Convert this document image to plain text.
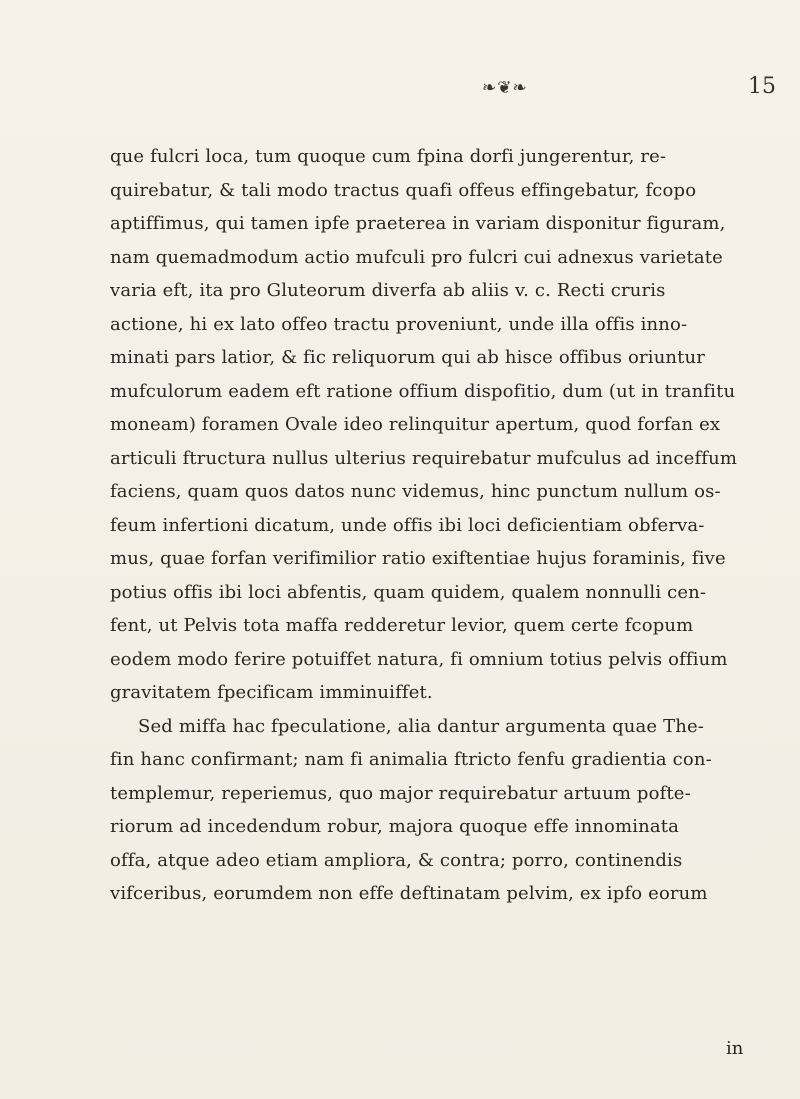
❧❦❧	15
que fulcri loca, tum quoque cum fpina dorfi jungerentur, re-
quirebatur, & tali modo tractus quafi offeus effingebatur, fcopo
aptiffimus, qui tamen ipfe praeterea in variam disponitur figuram,
nam quemadmodum actio mufculi pro fulcri cui adnexus varietate
varia eft, ita pro Gluteorum diverfa ab aliis v. c. Recti cruris
actione, hi ex lato offeo tractu proveniunt, unde illa offis inno-
minati pars latior, & fic reliquorum qui ab hisce offibus oriuntur
mufculorum eadem eft ratione offium dispofitio, dum (ut in tranfitu
moneam) foramen Ovale ideo relinquitur apertum, quod forfan ex
articuli ftructura nullus ulterius requirebatur mufculus ad inceffum
faciens, quam quos datos nunc videmus, hinc punctum nullum os-
feum infertioni dicatum, unde offis ibi loci deficientiam obferva-
mus, quae forfan verifimilior ratio exiftentiae hujus foraminis, five
potius offis ibi loci abfentis, quam quidem, qualem nonnulli cen-
fent, ut Pelvis tota maffa redderetur levior, quem certe fcopum
eodem modo ferire potuiffet natura, fi omnium totius pelvis offium
gravitatem fpecificam imminuiffet.
Sed miffa hac fpeculatione, alia dantur argumenta quae The-
fin hanc confirmant; nam fi animalia ftricto fenfu gradientia con-
templemur, reperiemus, quo major requirebatur artuum pofte-
riorum ad incedendum robur, majora quoque effe innominata
offa, atque adeo etiam ampliora, & contra; porro, continendis
vifceribus, eorumdem non effe deftinatam pelvim, ex ipfo eorum
in
